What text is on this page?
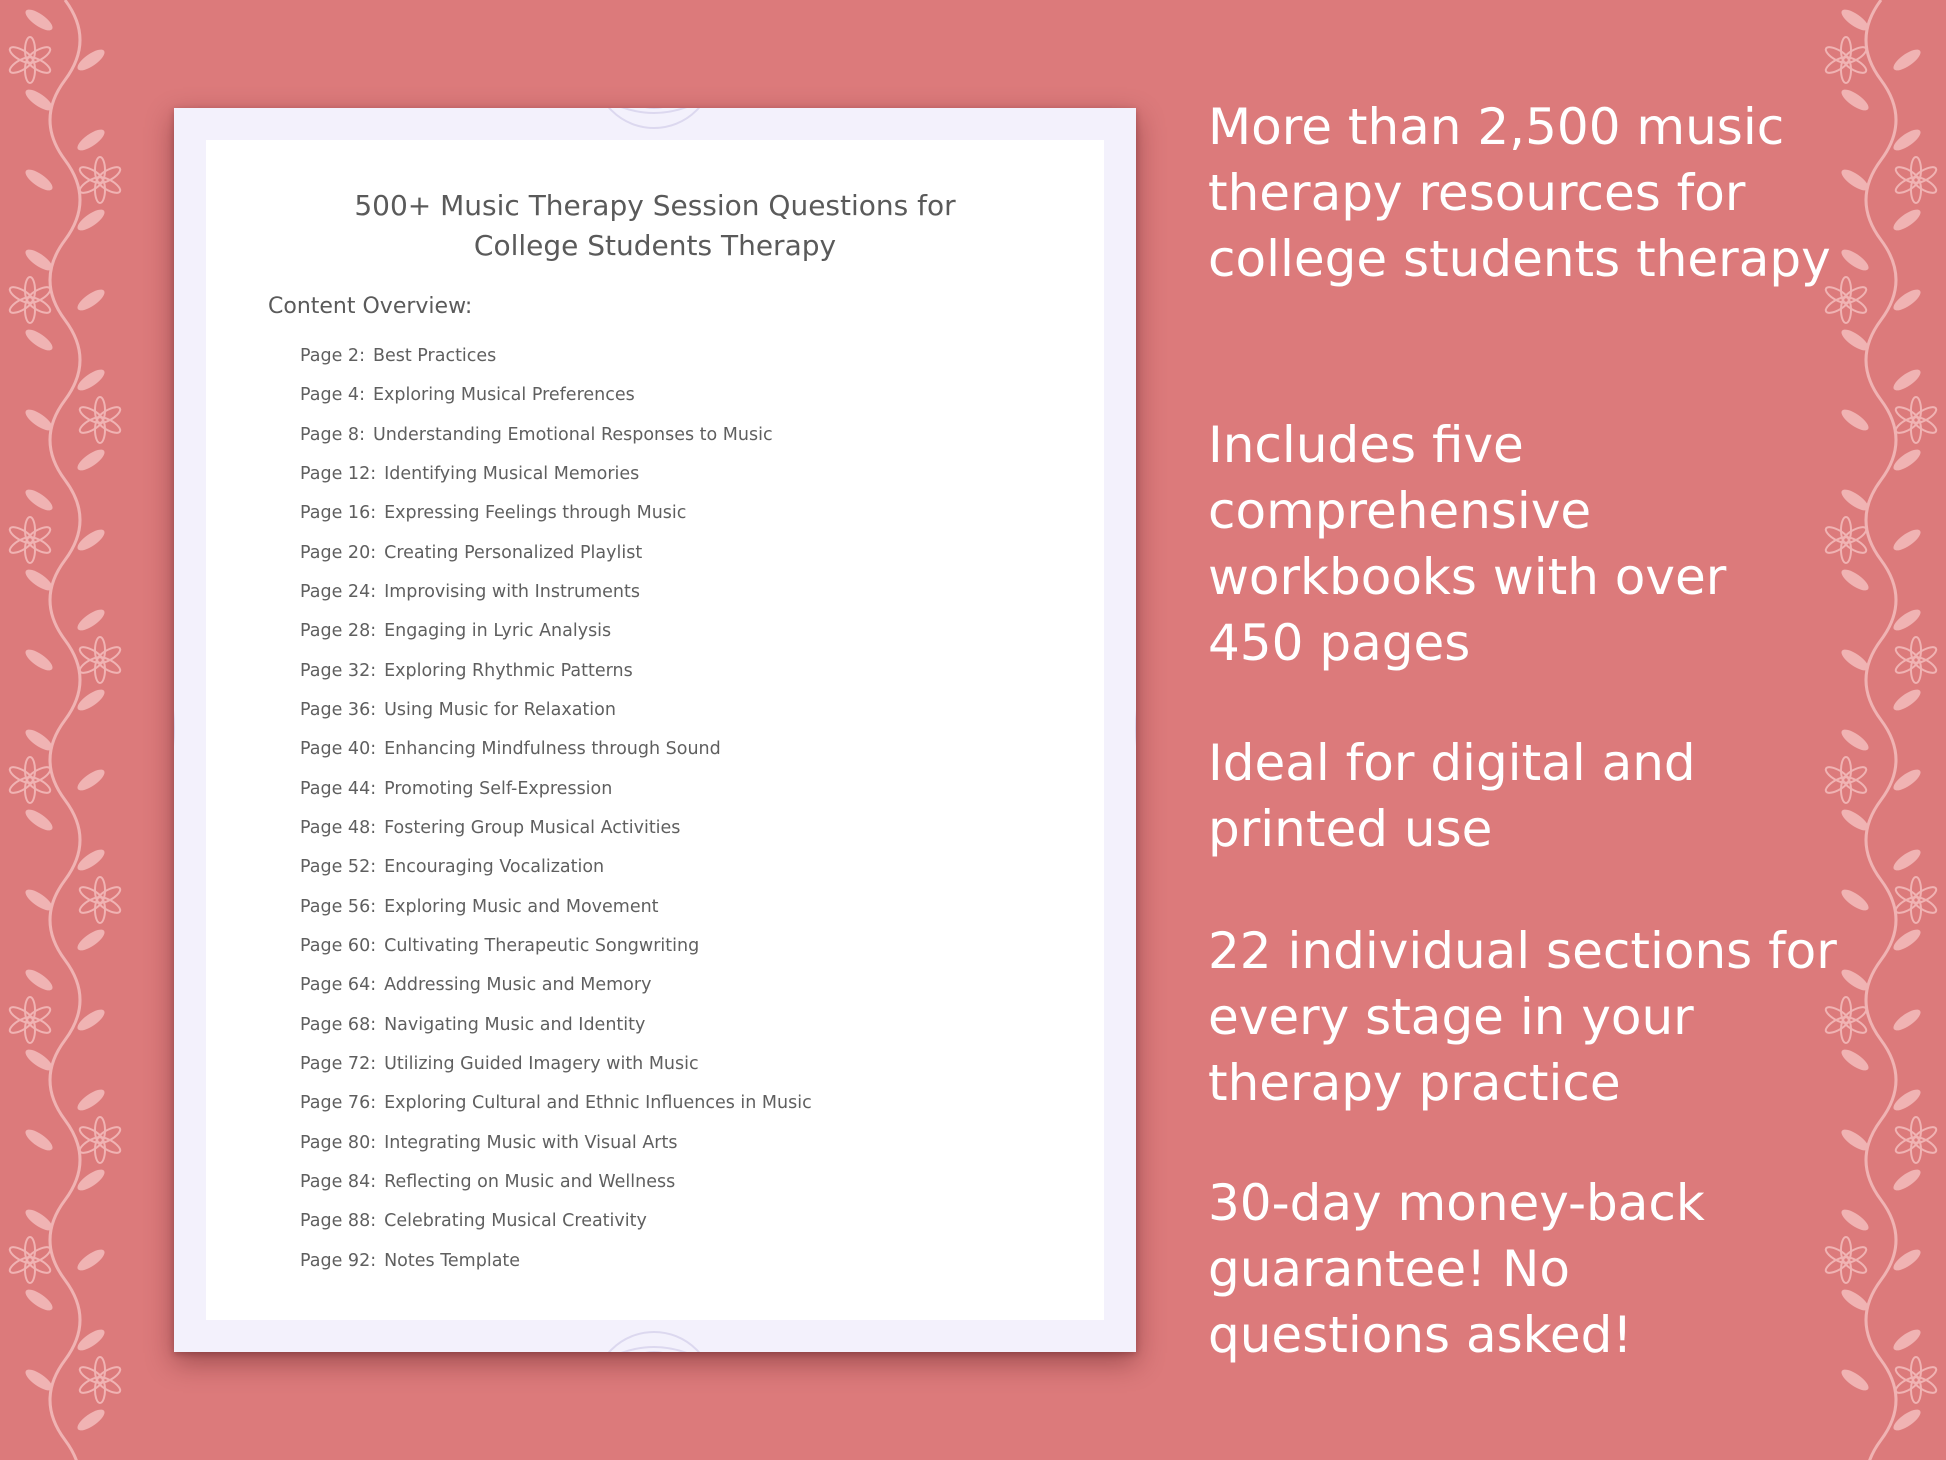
500+ Music Therapy Session Questions for
College Students Therapy
Content Overview:
Page 2: Best Practices
Page 4: Exploring Musical Preferences
Page 8: Understanding Emotional Responses to Music
Page 12: Identifying Musical Memories
Page 16: Expressing Feelings through Music
Page 20: Creating Personalized Playlist
Page 24: Improvising with Instruments
Page 28: Engaging in Lyric Analysis
Page 32: Exploring Rhythmic Patterns
Page 36: Using Music for Relaxation
Page 40: Enhancing Mindfulness through Sound
Page 44: Promoting Self-Expression
Page 48: Fostering Group Musical Activities
Page 52: Encouraging Vocalization
Page 56: Exploring Music and Movement
Page 60: Cultivating Therapeutic Songwriting
Page 64: Addressing Music and Memory
Page 68: Navigating Music and Identity
Page 72: Utilizing Guided Imagery with Music
Page 76: Exploring Cultural and Ethnic Influences in Music
Page 80: Integrating Music with Visual Arts
Page 84: Reflecting on Music and Wellness
Page 88: Celebrating Musical Creativity
Page 92: Notes Template

More than 2,500 music therapy resources for college students therapy

Includes five comprehensive workbooks with over 450 pages

Ideal for digital and printed use

22 individual sections for every stage in your therapy practice

30-day money-back guarantee! No questions asked!
